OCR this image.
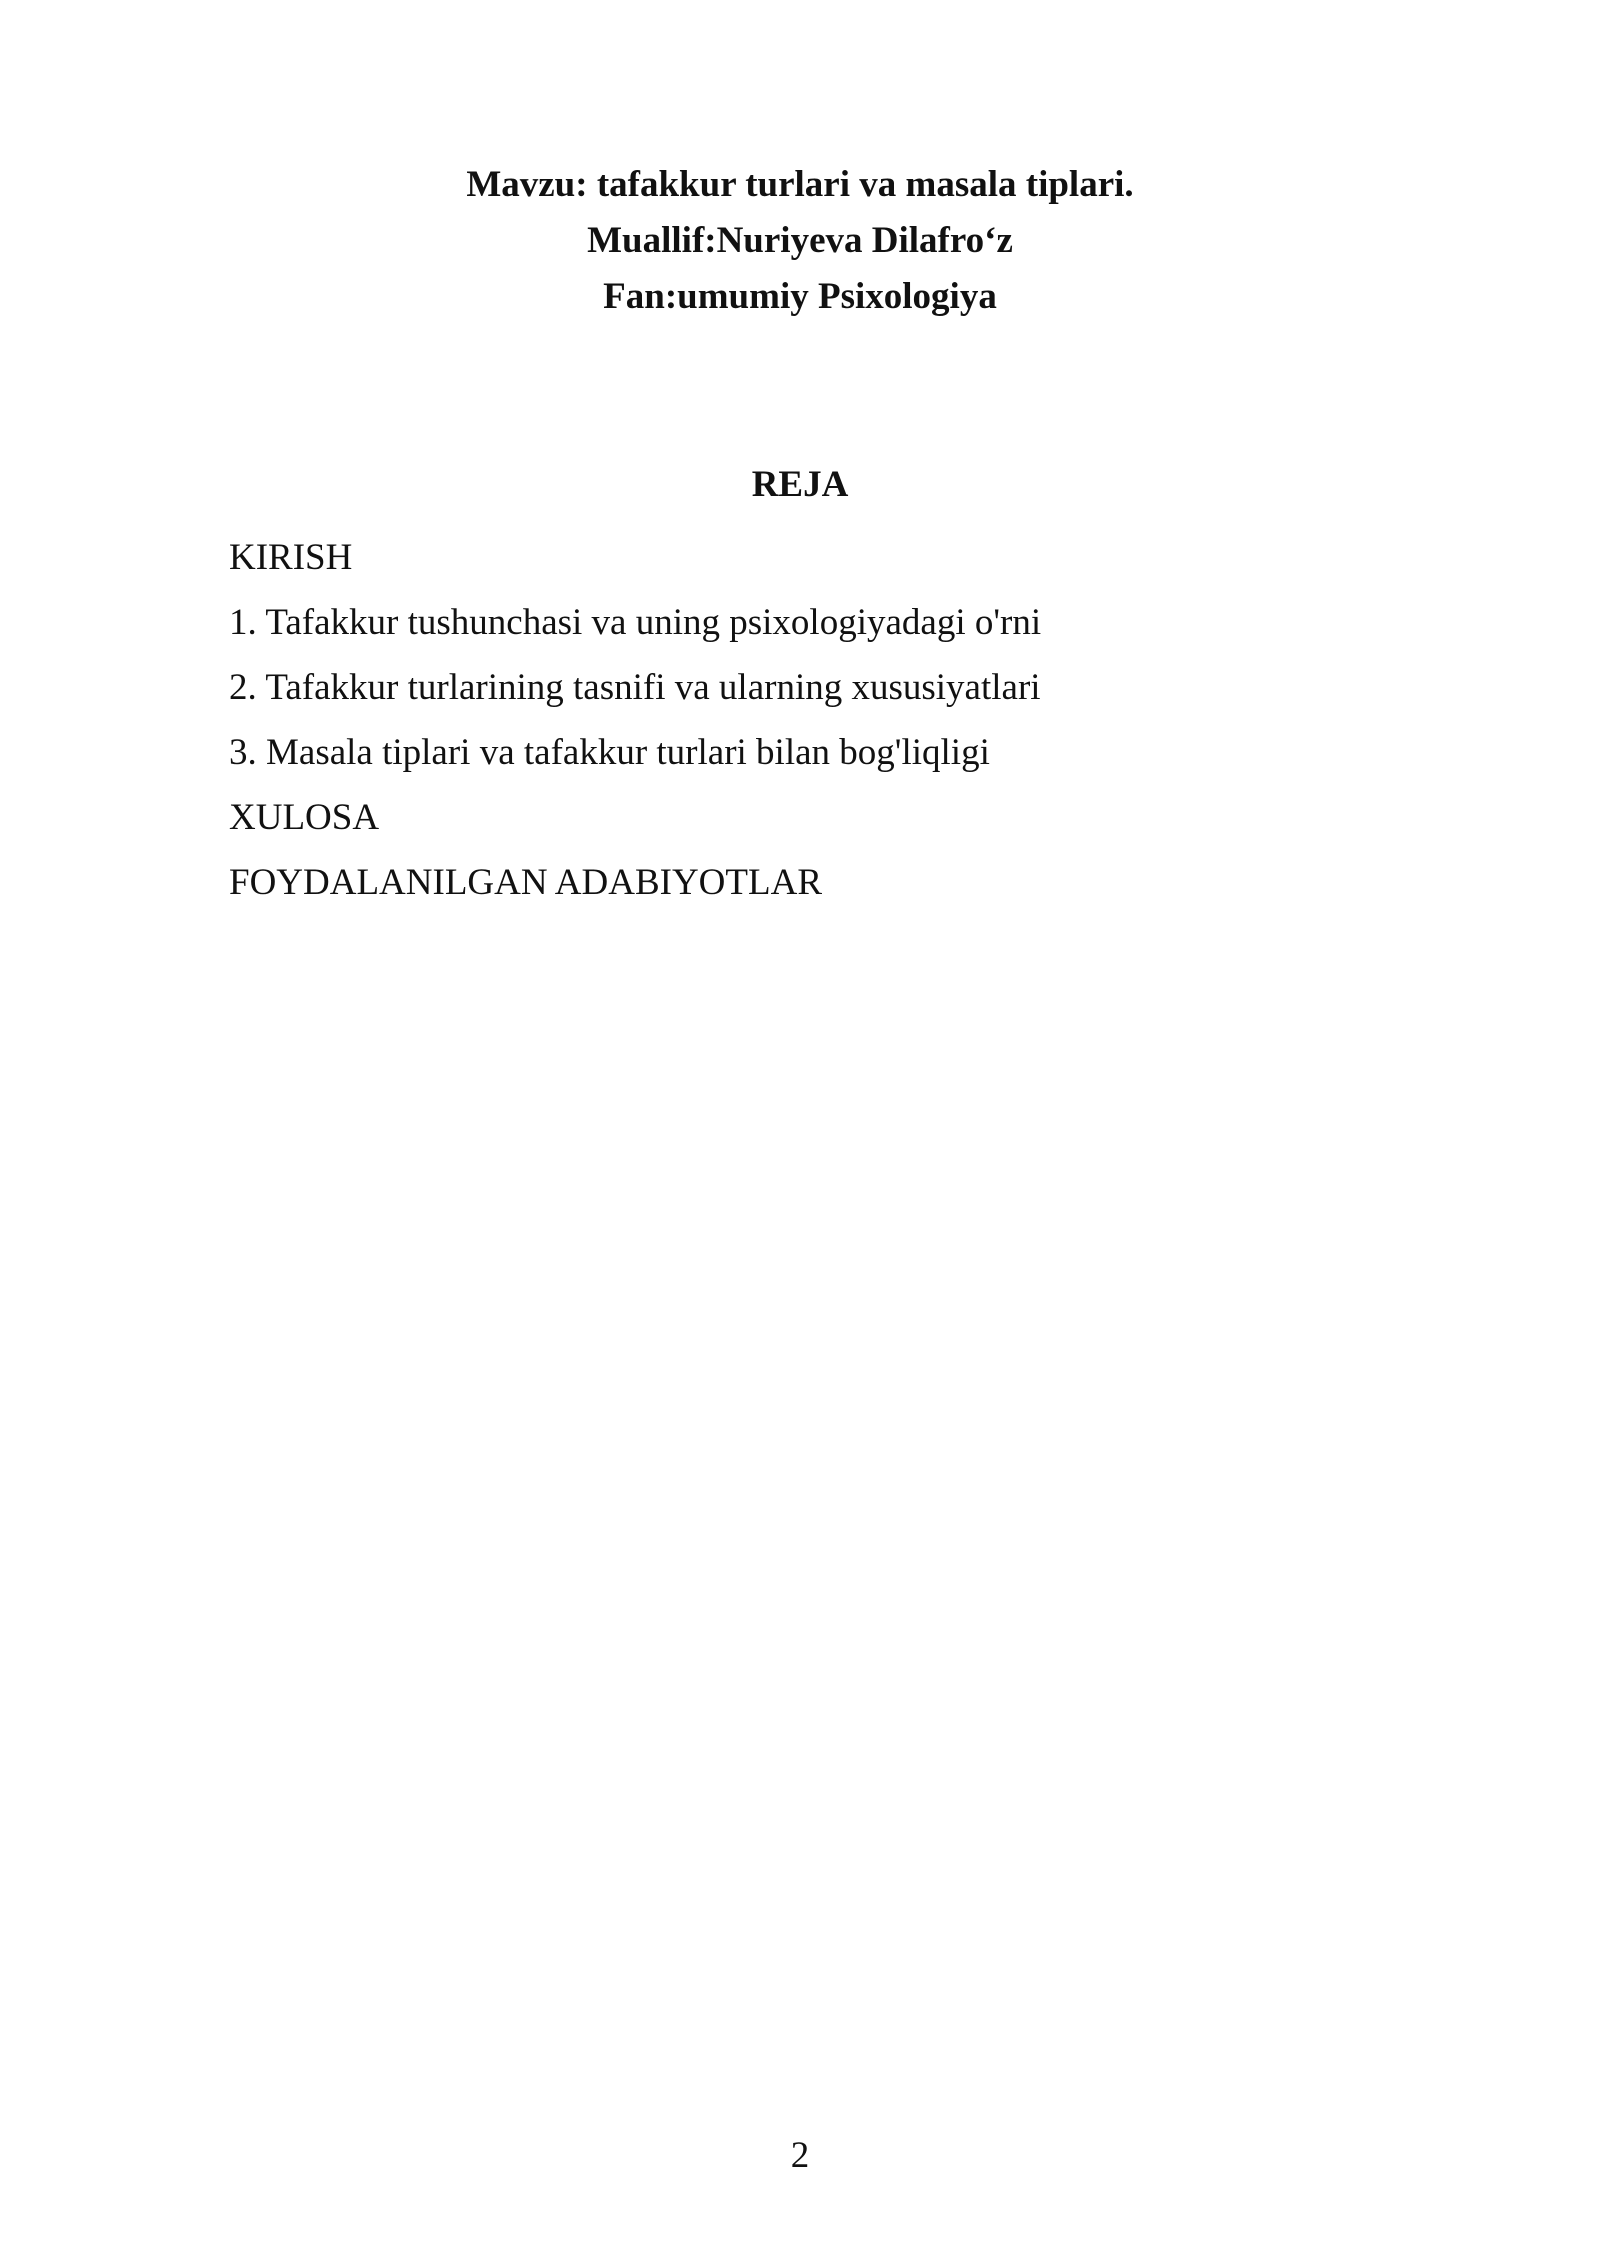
Mavzu: tafakkur turlari va masala tiplari.
Muallif:Nuriyeva Dilafro‘z
Fan:umumiy Psixologiya
REJA
KIRISH
1. Tafakkur tushunchasi va uning psixologiyadagi o'rni
2. Tafakkur turlarining tasnifi va ularning xususiyatlari
3. Masala tiplari va tafakkur turlari bilan bog'liqligi
XULOSA
FOYDALANILGAN ADABIYOTLAR
2
